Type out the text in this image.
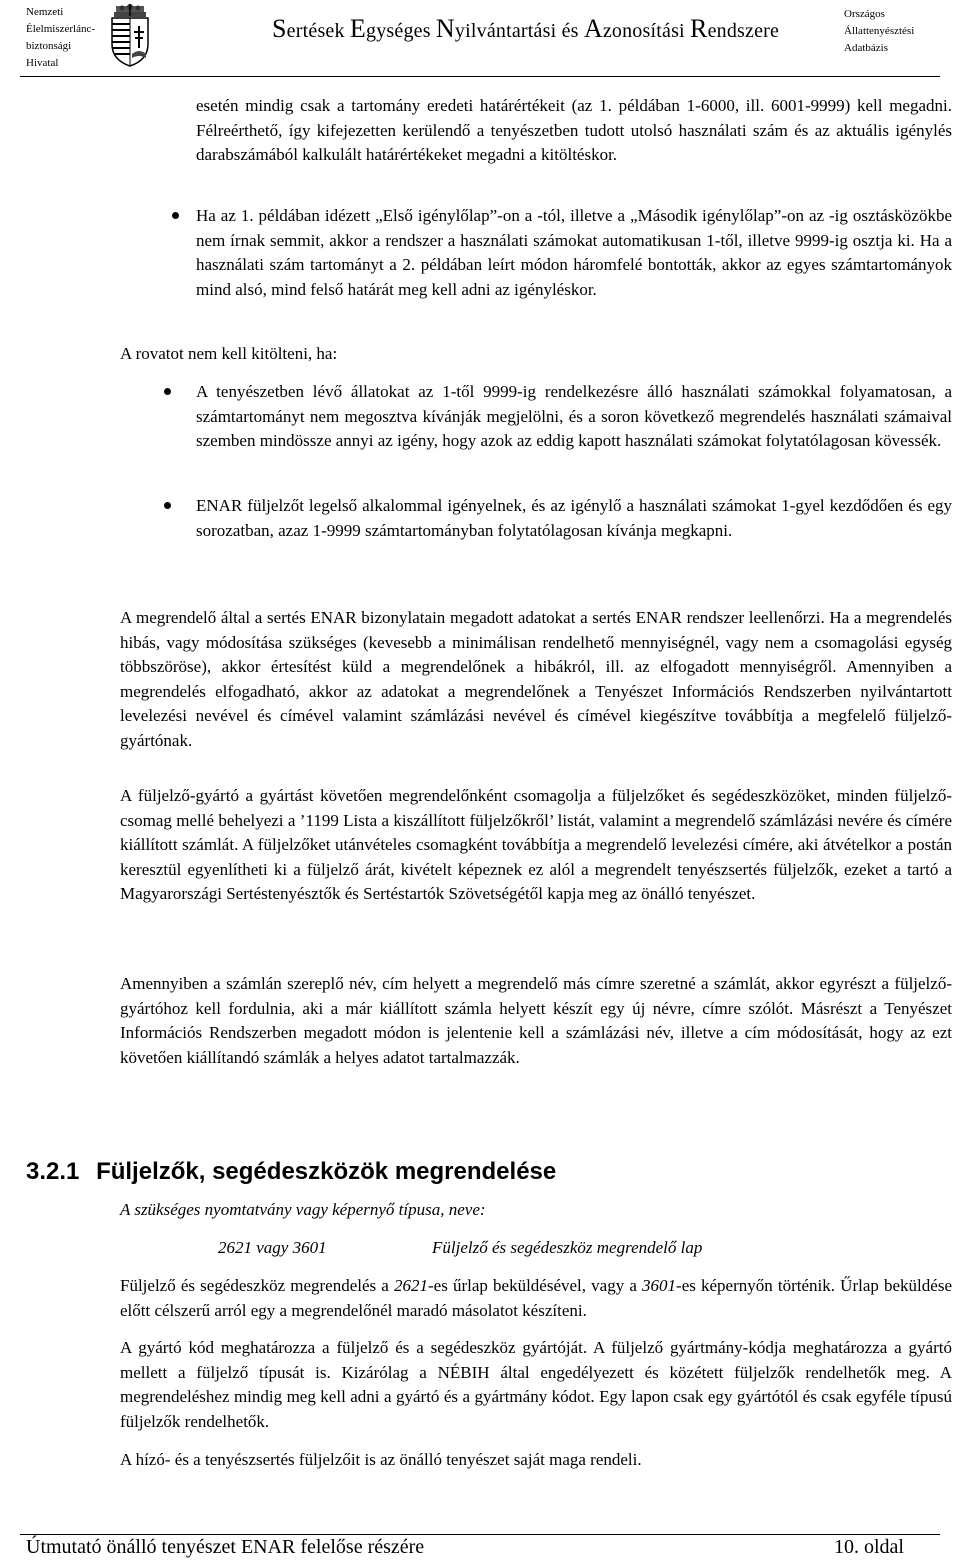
Nemzeti
Élelmiszerlánc-
biztonsági
Hivatal
Sertések Egységes Nyilvántartási és Azonosítási Rendszere
Országos
Állattenyésztési
Adatbázis
esetén mindig csak a tartomány eredeti határértékeit (az 1. példában 1-6000, ill. 6001-9999) kell megadni. Félreérthető, így kifejezetten kerülendő a tenyészetben tudott utolsó használati szám és az aktuális igénylés darabszámából kalkulált határértékeket megadni a kitöltéskor.
Ha az 1. példában idézett „Első igénylőlap”-on a -tól, illetve a „Második igénylőlap”-on az -ig osztásközökbe nem írnak semmit, akkor a rendszer a használati számokat automatikusan 1-től, illetve 9999-ig osztja ki. Ha a használati szám tartományt a 2. példában leírt módon háromfelé bontották, akkor az egyes számtartományok mind alsó, mind felső határát meg kell adni az igényléskor.
A rovatot nem kell kitölteni, ha:
A tenyészetben lévő állatokat az 1-től 9999-ig rendelkezésre álló használati számokkal folyamatosan, a számtartományt nem megosztva kívánják megjelölni, és a soron következő megrendelés használati számaival szemben mindössze annyi az igény, hogy azok az eddig kapott használati számokat folytatólagosan kövessék.
ENAR füljelzőt legelső alkalommal igényelnek, és az igénylő a használati számokat 1-gyel kezdődően és egy sorozatban, azaz 1-9999 számtartományban folytatólagosan kívánja megkapni.
A megrendelő által a sertés ENAR bizonylatain megadott adatokat a sertés ENAR rendszer leellenőrzi. Ha a megrendelés hibás, vagy módosítása szükséges (kevesebb a minimálisan rendelhető mennyiségnél, vagy nem a csomagolási egység többszöröse), akkor értesítést küld a megrendelőnek a hibákról, ill. az elfogadott mennyiségről. Amennyiben a megrendelés elfogadható, akkor az adatokat a megrendelőnek a Tenyészet Információs Rendszerben nyilvántartott levelezési nevével és címével valamint számlázási nevével és címével kiegészítve továbbítja a megfelelő füljelző-gyártónak.
A füljelző-gyártó a gyártást követően megrendelőnként csomagolja a füljelzőket és segédeszközöket, minden füljelző-csomag mellé behelyezi a ’1199 Lista a kiszállított füljelzőkről’ listát, valamint a megrendelő számlázási nevére és címére kiállított számlát. A füljelzőket utánvételes csomagként továbbítja a megrendelő levelezési címére, aki átvételkor a postán keresztül egyenlítheti ki a füljelző árát, kivételt képeznek ez alól a megrendelt tenyészsertés füljelzők, ezeket a tartó a Magyarországi Sertéstenyésztők és Sertéstartók Szövetségétől kapja meg az önálló tenyészet.
Amennyiben a számlán szereplő név, cím helyett a megrendelő más címre szeretné a számlát, akkor egyrészt a füljelző-gyártóhoz kell fordulnia, aki a már kiállított számla helyett készít egy új névre, címre szólót. Másrészt a Tenyészet Információs Rendszerben megadott módon is jelentenie kell a számlázási név, illetve a cím módosítását, hogy az ezt követően kiállítandó számlák a helyes adatot tartalmazzák.
3.2.1 Füljelzők, segédeszközök megrendelése
A szükséges nyomtatvány vagy képernyő típusa, neve:
2621 vagy 3601	Füljelző és segédeszköz megrendelő lap
Füljelző és segédeszköz megrendelés a 2621-es űrlap beküldésével, vagy a 3601-es képernyőn történik. Űrlap beküldése előtt célszerű arról egy a megrendelőnél maradó másolatot készíteni.
A gyártó kód meghatározza a füljelző és a segédeszköz gyártóját. A füljelző gyártmány-kódja meghatározza a gyártó mellett a füljelző típusát is. Kizárólag a NÉBIH által engedélyezett és közétett füljelzők rendelhetők meg. A megrendeléshez mindig meg kell adni a gyártó és a gyártmány kódot. Egy lapon csak egy gyártótól és csak egyféle típusú füljelzők rendelhetők.
A hízó- és a tenyészsertés füljelzőit is az önálló tenyészet saját maga rendeli.
Útmutató önálló tenyészet ENAR felelőse részére	10. oldal
